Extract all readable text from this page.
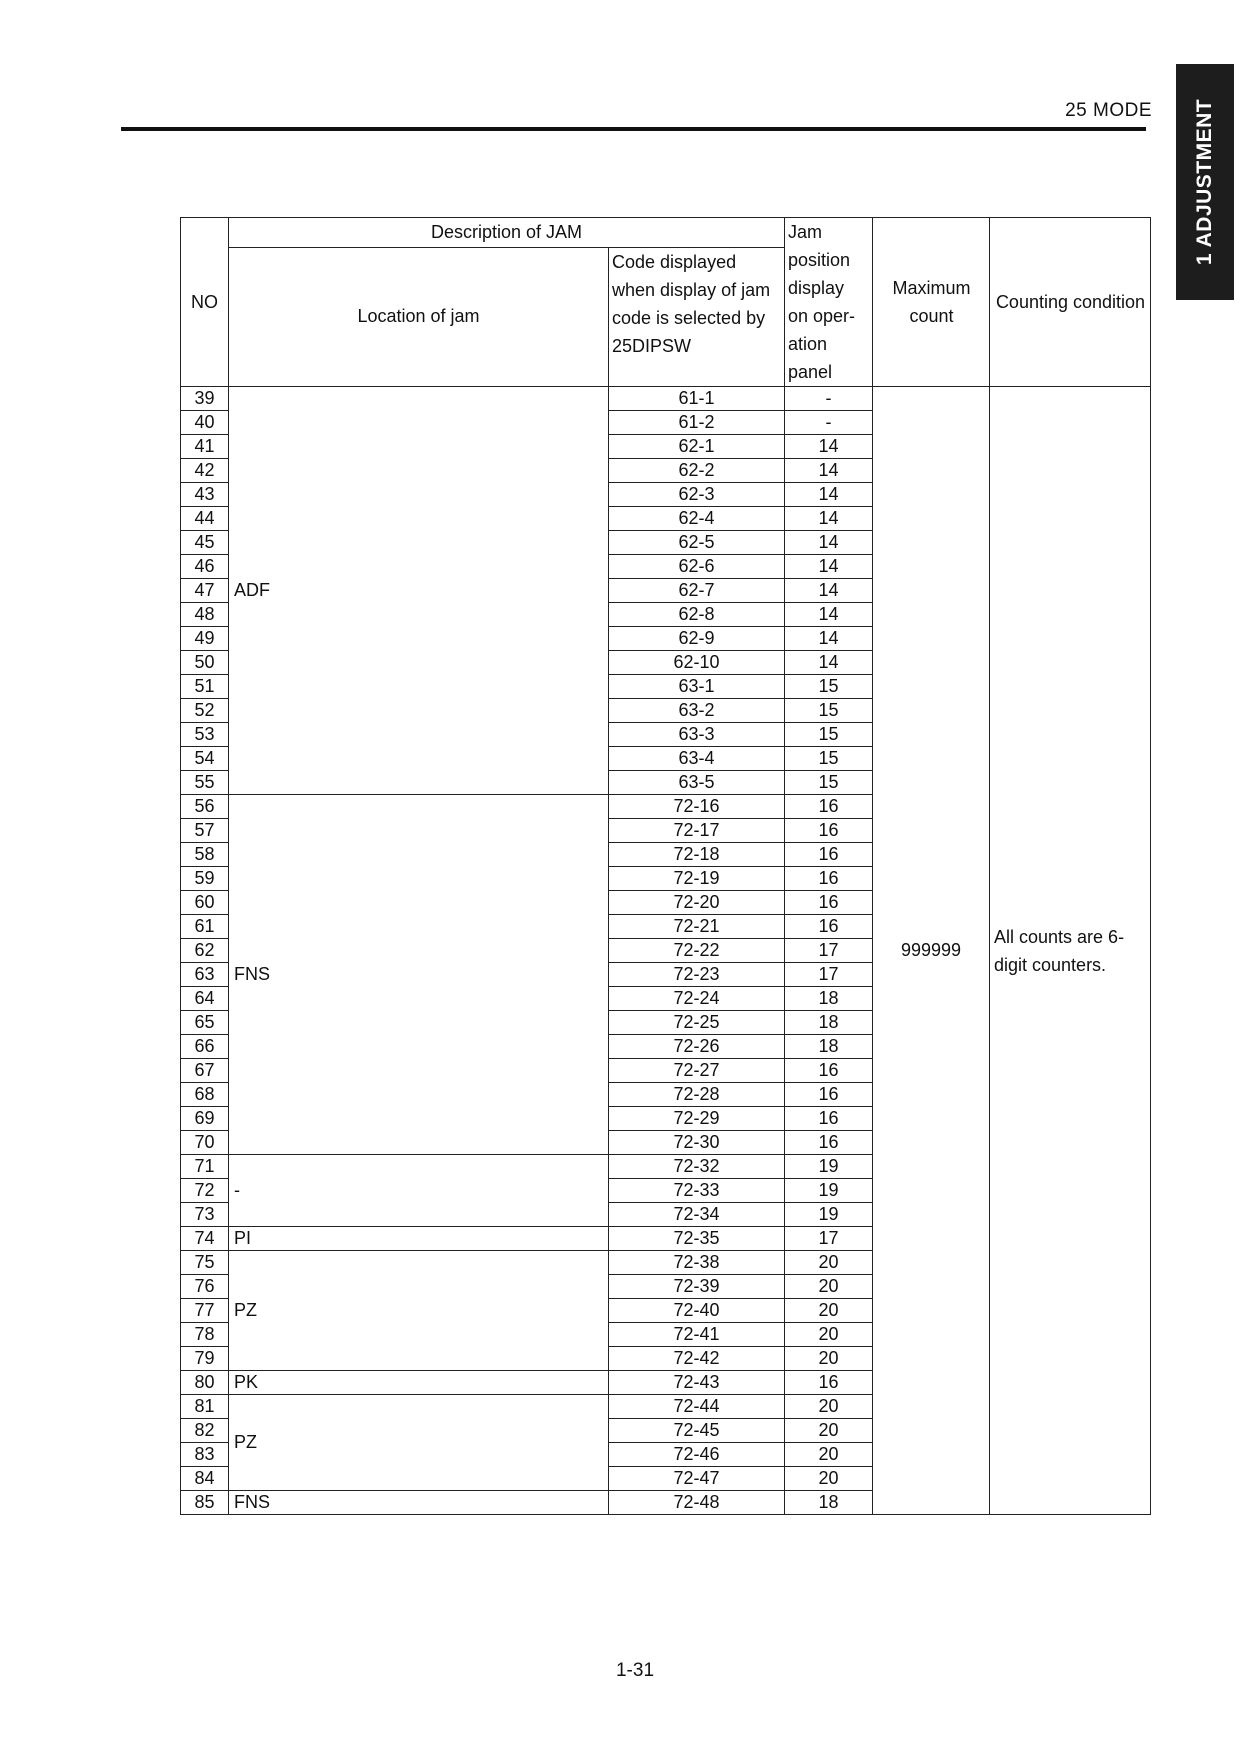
25 MODE 1 ADJUSTMENT
NO	Description of JAM		Jam position display on oper- ation panel	Maximum count	Counting condition
	Location of jam	Code displayed when display of jam code is selected by 25DIPSW			
39	ADF	61-1	-	999999	All counts are 6-digit counters.
40		61-2	-		
41		62-1	14		
42		62-2	14		
43		62-3	14		
44		62-4	14		
45		62-5	14		
46		62-6	14		
47		62-7	14		
48		62-8	14		
49		62-9	14		
50		62-10	14		
51		63-1	15		
52		63-2	15		
53		63-3	15		
54		63-4	15		
55		63-5	15		
56	FNS	72-16	16		
57		72-17	16		
58		72-18	16		
59		72-19	16		
60		72-20	16		
61		72-21	16		
62		72-22	17		
63		72-23	17		
64		72-24	18		
65		72-25	18		
66		72-26	18		
67		72-27	16		
68		72-28	16		
69		72-29	16		
70		72-30	16		
71	-	72-32	19		
72		72-33	19		
73		72-34	19		
74	PI	72-35	17		
75	PZ	72-38	20		
76		72-39	20		
77		72-40	20		
78		72-41	20		
79		72-42	20		
80	PK	72-43	16		
81	PZ	72-44	20		
82		72-45	20		
83		72-46	20		
84		72-47	20		
85	FNS	72-48	18		
1-31
